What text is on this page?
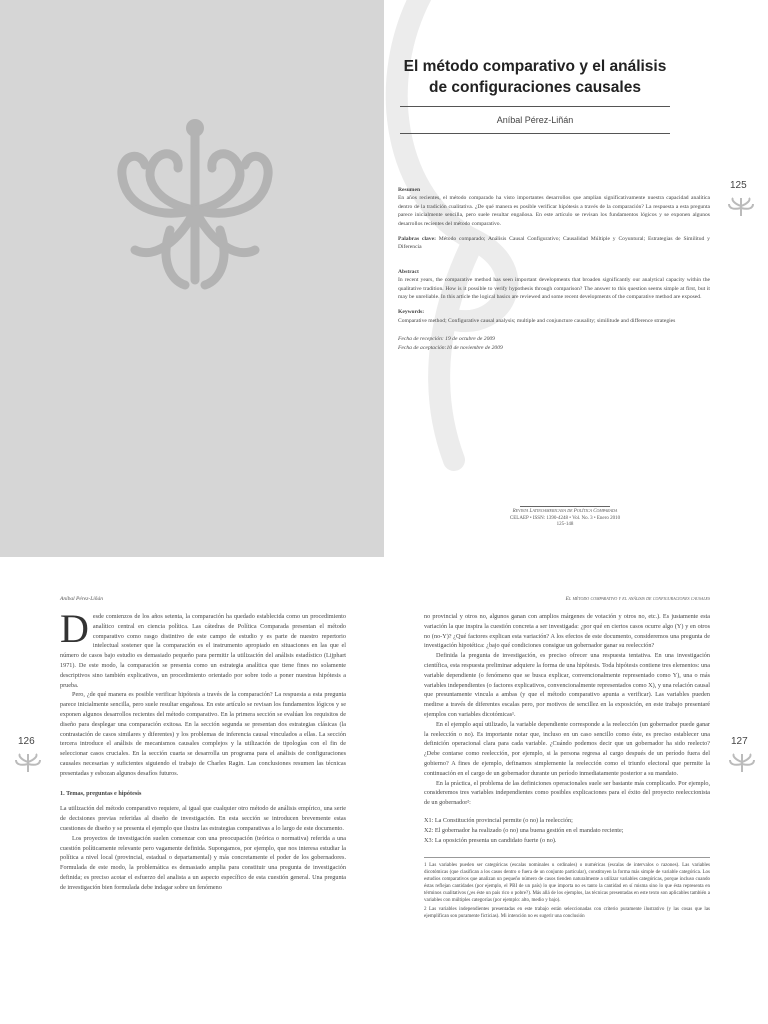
El método comparativo y el análisis de configuraciones causales
Aníbal Pérez-Liñán
125

Resumen

En años recientes, el método comparado ha visto importantes desarrollos que amplían significativamente nuestra capacidad analítica dentro de la tradición cualitativa. ¿De qué manera es posible verificar hipótesis a través de la comparación? La respuesta a esta pregunta parece inicialmente sencilla, pero suele resultar engañosa. En este artículo se revisan los fundamentos lógicos y se exponen algunos desarrollos recientes del método comparativo.

Palabras clave: Método comparado; Análisis Causal Configurativo; Causalidad Múltiple y Coyuntural; Estrategias de Similitud y Diferencia

Abstract

In recent years, the comparative method has seen important developments that broaden significantly our analytical capacity within the qualitative tradition. How is it possible to verify hypothesis through comparison? The answer to this question seems simple at first, but it may be unreliable. In this article the logical basics are reviewed and some recent developments of the comparative method are exposed.

Keywords:

Comparative method; Configurative causal analysis; multiple and conjuncture causality; similitude and difference strategies

Fecha de recepción: 19 de octubre de 2009

Fecha de aceptación:10 de noviembre de 2009

Revista Latinoamericana de Política Comparada
CELAEP • ISSN: 1390-4248 • Vol. No. 3 • Enero 2010
125-148
Aníbal Pérez-Liñán	El método comparativo y el análisis de configuraciones causales
126	127

Desde comienzos de los años setenta, la comparación ha quedado establecida como un procedimiento analítico central en ciencia política. Las cátedras de Política Comparada presentan el método comparativo como rasgo distintivo de este campo de estudio y es parte de nuestro repertorio intelectual sostener que la comparación es el instrumento apropiado en situaciones en las que el número de casos bajo estudio es demasiado pequeño para permitir la utilización del análisis estadístico (Lijphart 1971). De este modo, la comparación se presenta como un estrategia analítica que tiene fines no solamente descriptivos sino también explicativos, un procedimiento orientado por sobre todo a poner nuestras hipótesis a prueba.

Pero, ¿de qué manera es posible verificar hipótesis a través de la comparación? La respuesta a esta pregunta parece inicialmente sencilla, pero suele resultar engañosa. En este artículo se revisan los fundamentos lógicos y se exponen algunos desarrollos recientes del método comparativo. En la primera sección se evalúan los requisitos de diseño para desplegar una comparación exitosa. En la sección segunda se presentan dos estrategias clásicas (la contrastación de casos similares y diferentes) y los problemas de inferencia causal vinculados a ellas. La sección tercera introduce el análisis de mecanismos causales complejos y la utilización de tipologías con el fin de seleccionar casos cruciales. En la sección cuarta se desarrolla un programa para el análisis de configuraciones causales necesarias y suficientes siguiendo el trabajo de Charles Ragin. Las conclusiones resumen las técnicas presentadas y esbozan algunos desafíos futuros.

1. Temas, preguntas e hipótesis

La utilización del método comparativo requiere, al igual que cualquier otro método de análisis empírico, una serie de decisiones previas referidas al diseño de investigación. En esta sección se introducen brevemente estas cuestiones de diseño y se presenta el ejemplo que ilustra las estrategias comparativas a lo largo de este documento.

Los proyectos de investigación suelen comenzar con una preocupación (teórica o normativa) referida a una cuestión políticamente relevante pero vagamente definida. Supongamos, por ejemplo, que nos interesa estudiar la política a nivel local (provincial, estadual o departamental) y más concretamente el poder de los gobernadores. Formulada de este modo, la problemática es demasiado amplia para constituir una pregunta de investigación definida; es preciso acotar el esfuerzo del analista a un aspecto específico de esta cuestión general. Una pregunta de investigación bien formulada debe indagar sobre un fenómeno

no provincial y otros no, algunos ganan con amplios márgenes de votación y otros no, etc.). Es justamente esta variación la que inspira la cuestión concreta a ser investigada: ¿por qué en ciertos casos ocurre algo (Y) y en otros no (no-Y)? ¿Qué factores explican esta variación? A los efectos de este documento, consideremos una pregunta de investigación hipotética: ¿bajo qué condiciones consigue un gobernador ganar su reelección?

Definida la pregunta de investigación, es preciso ofrecer una respuesta tentativa. En una investigación científica, esta respuesta preliminar adquiere la forma de una hipótesis. Toda hipótesis contiene tres elementos: una variable dependiente (o fenómeno que se busca explicar, convencionalmente representado como Y), una o más variables independientes (o factores explicativos, convencionalmente representados como X), y una relación causal que presuntamente vincula a ambas (y que el método comparativo apunta a verificar). Las variables pueden medirse a través de diferentes escalas pero, por motivos de sencillez en la exposición, en este trabajo presentaré ejemplos con variables dicotómicas¹.

En el ejemplo aquí utilizado, la variable dependiente corresponde a la reelección (un gobernador puede ganar la reelección o no). Es importante notar que, incluso en un caso sencillo como éste, es preciso establecer una definición operacional clara para cada variable. ¿Cuándo podemos decir que un gobernador ha sido reelecto? ¿Debe contarse como reelección, por ejemplo, si la persona regresa al cargo después de un período fuera del gobierno? A fines de ejemplo, definamos simplemente la reelección como el triunfo electoral que permite la continuación en el cargo de un gobernador durante un período inmediatamente posterior a su mandato.

En la práctica, el problema de las definiciones operacionales suele ser bastante más complicado. Por ejemplo, consideremos tres variables independientes como posibles explicaciones para el éxito del proyecto reeleccionista de un gobernador²:

X1: La Constitución provincial permite (o no) la reelección;

X2: El gobernador ha realizado (o no) una buena gestión en el mandato reciente;

X3: La oposición presenta un candidato fuerte (o no).

1 Las variables pueden ser categóricas (escalas nominales u ordinales) o numéricas (escalas de intervalos o razones). Las variables dicotómicas (que clasifican a los casos dentro o fuera de un conjunto particular), constituyen la forma más simple de variable categórica. Los estudios comparativos que analizan un pequeño número de casos tienden naturalmente a utilizar variables categóricas, porque incluso cuando éstas reflejan cantidades (por ejemplo, el PBI de un país) lo que importa no es tanto la cantidad en sí misma sino lo que ésta representa en términos cualitativos (¿es éste un país rico o pobre?). Más allá de los ejemplos, las técnicas presentadas en este texto son aplicables también a variables con múltiples categorías (por ejemplo: alto, medio y bajo).

2 Las variables independientes presentadas en este trabajo están seleccionadas con criterio puramente ilustrativo (y las cosas que las ejemplifican son puramente ficticias). Mi intención no es sugerir una conclusión
